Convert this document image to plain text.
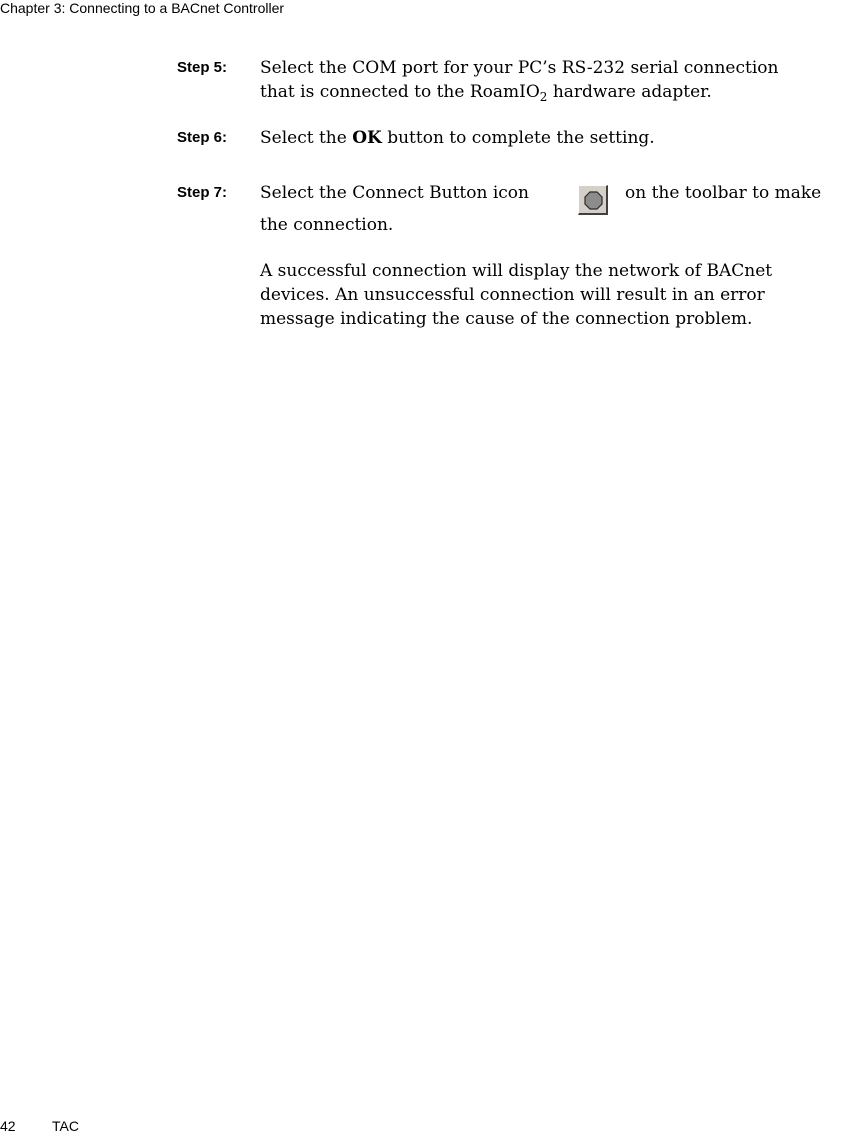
Chapter 3: Connecting to a BACnet Controller
Step 5: Select the COM port for your PC’s RS-232 serial connection
that is connected to the RoamIO$_2$ hardware adapter.
Step 6: Select the OK button to complete the setting.
Step 7: Select the Connect Button icon	on the toolbar to make
the connection.
A successful connection will display the network of BACnet
devices. An unsuccessful connection will result in an error
message indicating the cause of the connection problem.
42	TAC
